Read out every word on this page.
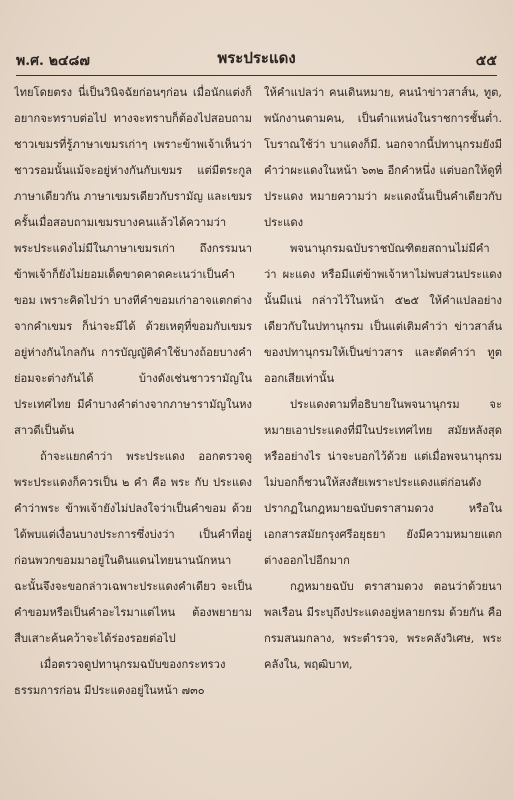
พ.ศ. ๒๔๘๗	พระประแดง	๕๕

ไทยโดยตรง นี่เป็นวินิจฉัยก่อนๆก่อน เมื่อนักแต่งก็อยากจะทราบต่อไป ทางจะทราบก็ต้องไปสอบถามชาวเขมรที่รู้ภาษาเขมรเก่าๆ เพราะข้าพเจ้าเห็นว่า ชาวรอมนั้นแม้จะอยู่ห่างกันกับเขมร แต่มีตระกูลภาษาเดียวกัน ภาษาเขมรเดียวกับรามัญ และเขมรครั้นเมื่อสอบถามเขมรบางคนแล้วได้ความว่า พระประแดงไม่มีในภาษาเขมรเก่า ถึงกรรมนาข้าพเจ้าก็ยังไม่ยอมเด็ดขาดคาดคะเนว่าเป็นคำขอม เพราะคิดไปว่า บางทีคำขอมเก่าอาจแตกต่างจากคำเขมร ก็น่าจะมีได้ ด้วยเหตุที่ขอมกับเขมรอยู่ห่างกันไกลกัน การบัญญัติคำใช้บางถ้อยบางคำย่อมจะต่างกันได้ บ้างดังเช่นชาวรามัญในประเทศไทย มีคำบางคำต่างจากภาษารามัญในหงสาวดีเป็นต้น

ถ้าจะแยกคำว่า พระประแดง ออกตรวจดู พระประแดงก็ควรเป็น ๒ คำ คือ พระ กับ ประแดง คำว่าพระ ข้าพเจ้ายังไม่ปลงใจว่าเป็นคำขอม ด้วยได้พบแต่เงื่อนบางประการซึ่งบ่งว่า เป็นคำที่อยู่ก่อนพวกขอมมาอยู่ในดินแดนไทยนานนักหนา ฉะนั้นจึงจะขอกล่าวเฉพาะประแดงคำเดียว จะเป็นคำขอมหรือเป็นคำอะไรมาแต่ไหน ต้องพยายามสืบเสาะค้นคว้าจะได้ร่องรอยต่อไป

เมื่อตรวจดูปทานุกรมฉบับของกระทรวงธรรมการก่อน มีประแดงอยู่ในหน้า ๗๓๐

ให้คำแปลว่า คนเดินหมาย, คนนำข่าวสาส์น, ทูต, พนักงานตามคน, เป็นตำแหน่งในราชการชั้นต่ำ. โบราณใช้ว่า บาแดงก็มี. นอกจากนี้ปทานุกรมยังมีคำว่าผะแดงในหน้า ๖๓๒ อีกคำหนึ่ง แต่บอกให้ดูที่ประแดง หมายความว่า ผะแดงนั้นเป็นคำเดียวกับประแดง

พจนานุกรมฉบับราชบัณฑิตยสถานไม่มีคำว่า ผะแดง หรือมีแต่ข้าพเจ้าหาไม่พบส่วนประแดงนั้นมีแน่ กล่าวไว้ในหน้า ๕๒๕ ให้คำแปลอย่างเดียวกับในปทานุกรม เป็นแต่เติมคำว่า ข่าวสาส์น ของปทานุกรมให้เป็นข่าวสาร และตัดคำว่า ทูต ออกเสียเท่านั้น

ประแดงตามที่อธิบายในพจนานุกรม จะหมายเอาประแดงที่มีในประเทศไทย สมัยหลังสุดหรืออย่างไร น่าจะบอกไว้ด้วย แต่เมื่อพจนานุกรมไม่บอกก็ชวนให้สงสัยเพราะประแดงแต่ก่อนดังปรากฏในกฎหมายฉบับตราสามดวง หรือในเอกสารสมัยกรุงศรีอยุธยา ยังมีความหมายแตกต่างออกไปอีกมาก

กฎหมายฉบับ ตราสามดวง ตอนว่าด้วยนาพลเรือน มีระบุถึงประแดงอยู่หลายกรม ด้วยกัน คือกรมสนมกลาง, พระตำรวจ, พระคลังวิเศษ, พระคลังใน, พฤฒิบาท,
